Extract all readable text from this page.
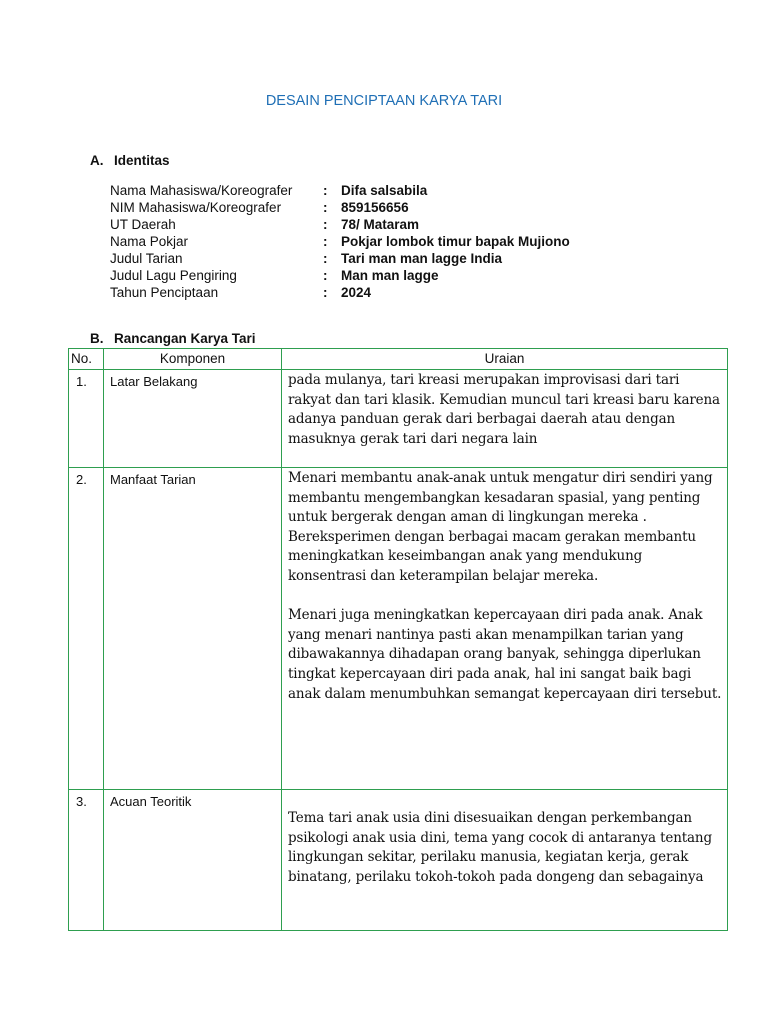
DESAIN PENCIPTAAN KARYA TARI
A. Identitas
Nama Mahasiswa/Koreografer : Difa salsabila
NIM Mahasiswa/Koreografer	: 859156656
UT Daerah	: 78/ Mataram
Nama Pokjar	: Pokjar lombok timur bapak Mujiono
Judul Tarian	: Tari man man lagge India
Judul Lagu Pengiring	: Man man lagge
Tahun Penciptaan	: 2024
B. Rancangan Karya Tari
No.	Komponen	Uraian
1.	Latar Belakang	pada mulanya, tari kreasi merupakan improvisasi dari tari rakyat dan tari klasik. Kemudian muncul tari kreasi baru karena adanya panduan gerak dari berbagai daerah atau dengan masuknya gerak tari dari negara lain

2.	Manfaat Tarian	Menari membantu anak-anak untuk mengatur diri sendiri yang membantu mengembangkan kesadaran spasial, yang penting untuk bergerak dengan aman di lingkungan mereka . Bereksperimen dengan berbagai macam gerakan membantu meningkatkan keseimbangan anak yang mendukung konsentrasi dan keterampilan belajar mereka.

Menari juga meningkatkan kepercayaan diri pada anak. Anak yang menari nantinya pasti akan menampilkan tarian yang dibawakannya dihadapan orang banyak, sehingga diperlukan tingkat kepercayaan diri pada anak, hal ini sangat baik bagi anak dalam menumbuhkan semangat kepercayaan diri tersebut.

3.	Acuan Teoritik	Tema tari anak usia dini disesuaikan dengan perkembangan psikologi anak usia dini, tema yang cocok di antaranya tentang lingkungan sekitar, perilaku manusia, kegiatan kerja, gerak binatang, perilaku tokoh-tokoh pada dongeng dan sebagainya
